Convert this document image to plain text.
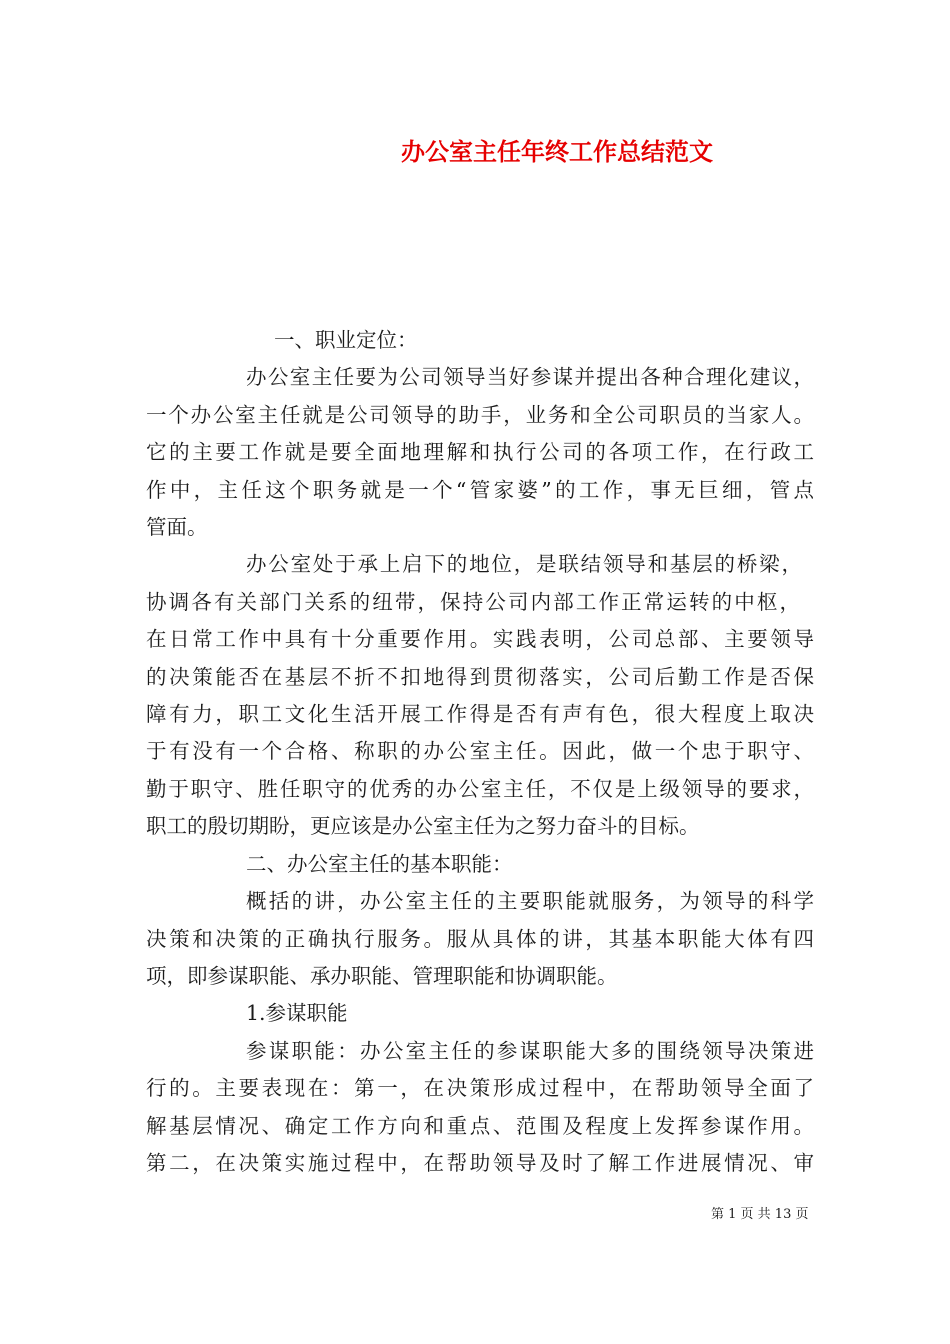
办公室主任年终工作总结范文

一、职业定位：

办公室主任要为公司领导当好参谋并提出各种合理化建议，
一个办公室主任就是公司领导的助手，业务和全公司职员的当家人。
它的主要工作就是要全面地理解和执行公司的各项工作，在行政工
作中，主任这个职务就是一个“管家婆”的工作，事无巨细，管点
管面。
办公室处于承上启下的地位，是联结领导和基层的桥梁，
协调各有关部门关系的纽带，保持公司内部工作正常运转的中枢，
在日常工作中具有十分重要作用。实践表明，公司总部、主要领导
的决策能否在基层不折不扣地得到贯彻落实，公司后勤工作是否保
障有力，职工文化生活开展工作得是否有声有色，很大程度上取决
于有没有一个合格、称职的办公室主任。因此，做一个忠于职守、
勤于职守、胜任职守的优秀的办公室主任，不仅是上级领导的要求，
职工的殷切期盼，更应该是办公室主任为之努力奋斗的目标。

二、办公室主任的基本职能：

概括的讲，办公室主任的主要职能就服务，为领导的科学
决策和决策的正确执行服务。服从具体的讲，其基本职能大体有四
项，即参谋职能、承办职能、管理职能和协调职能。

1.参谋职能

参谋职能：办公室主任的参谋职能大多的围绕领导决策进
行的。主要表现在：第一，在决策形成过程中，在帮助领导全面了
解基层情况、确定工作方向和重点、范围及程度上发挥参谋作用。
第二，在决策实施过程中，在帮助领导及时了解工作进展情况、审
第 1 页 共 13 页
